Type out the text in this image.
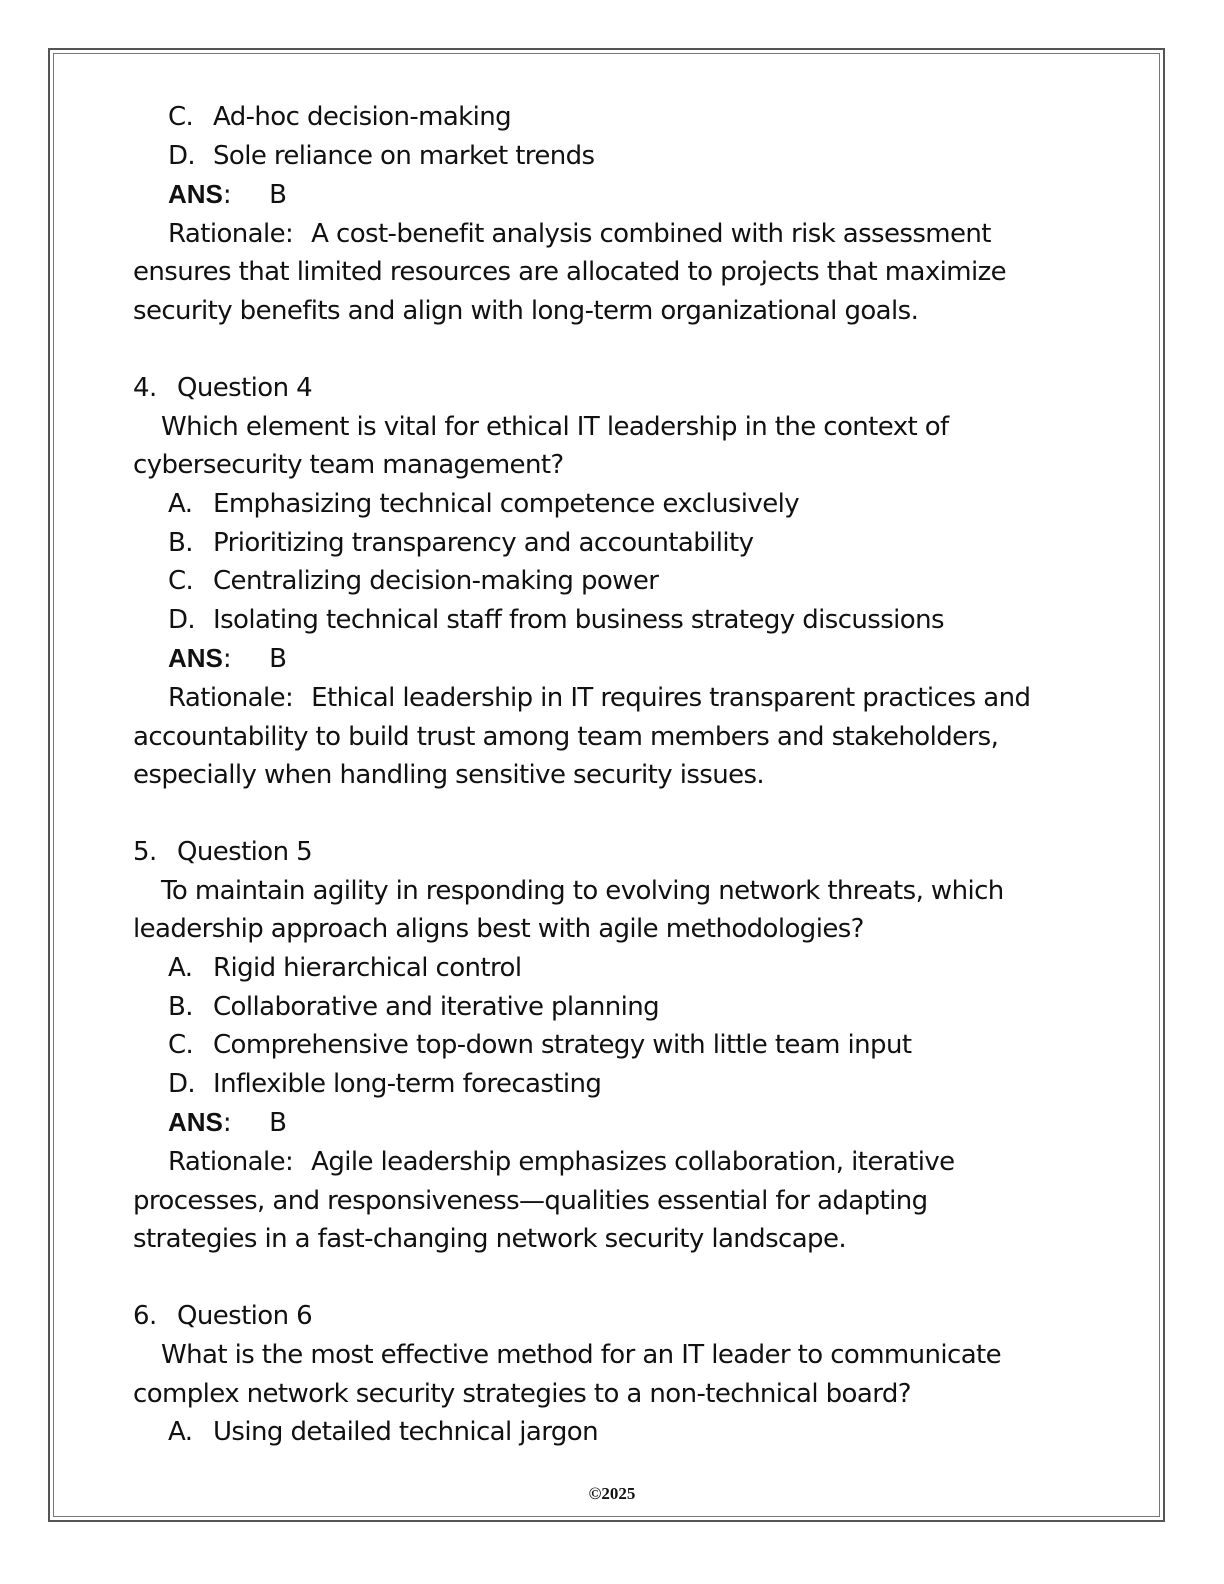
C. Ad-hoc decision-making
D. Sole reliance on market trends
ANS: B
Rationale: A cost-benefit analysis combined with risk assessment
ensures that limited resources are allocated to projects that maximize
security benefits and align with long-term organizational goals.
4. Question 4
Which element is vital for ethical IT leadership in the context of
cybersecurity team management?
A. Emphasizing technical competence exclusively
B. Prioritizing transparency and accountability
C. Centralizing decision-making power
D. Isolating technical staff from business strategy discussions
ANS: B
Rationale: Ethical leadership in IT requires transparent practices and
accountability to build trust among team members and stakeholders,
especially when handling sensitive security issues.
5. Question 5
To maintain agility in responding to evolving network threats, which
leadership approach aligns best with agile methodologies?
A. Rigid hierarchical control
B. Collaborative and iterative planning
C. Comprehensive top-down strategy with little team input
D. Inflexible long-term forecasting
ANS: B
Rationale: Agile leadership emphasizes collaboration, iterative
processes, and responsiveness—qualities essential for adapting
strategies in a fast-changing network security landscape.
6. Question 6
What is the most effective method for an IT leader to communicate
complex network security strategies to a non-technical board?
A. Using detailed technical jargon
©2025
